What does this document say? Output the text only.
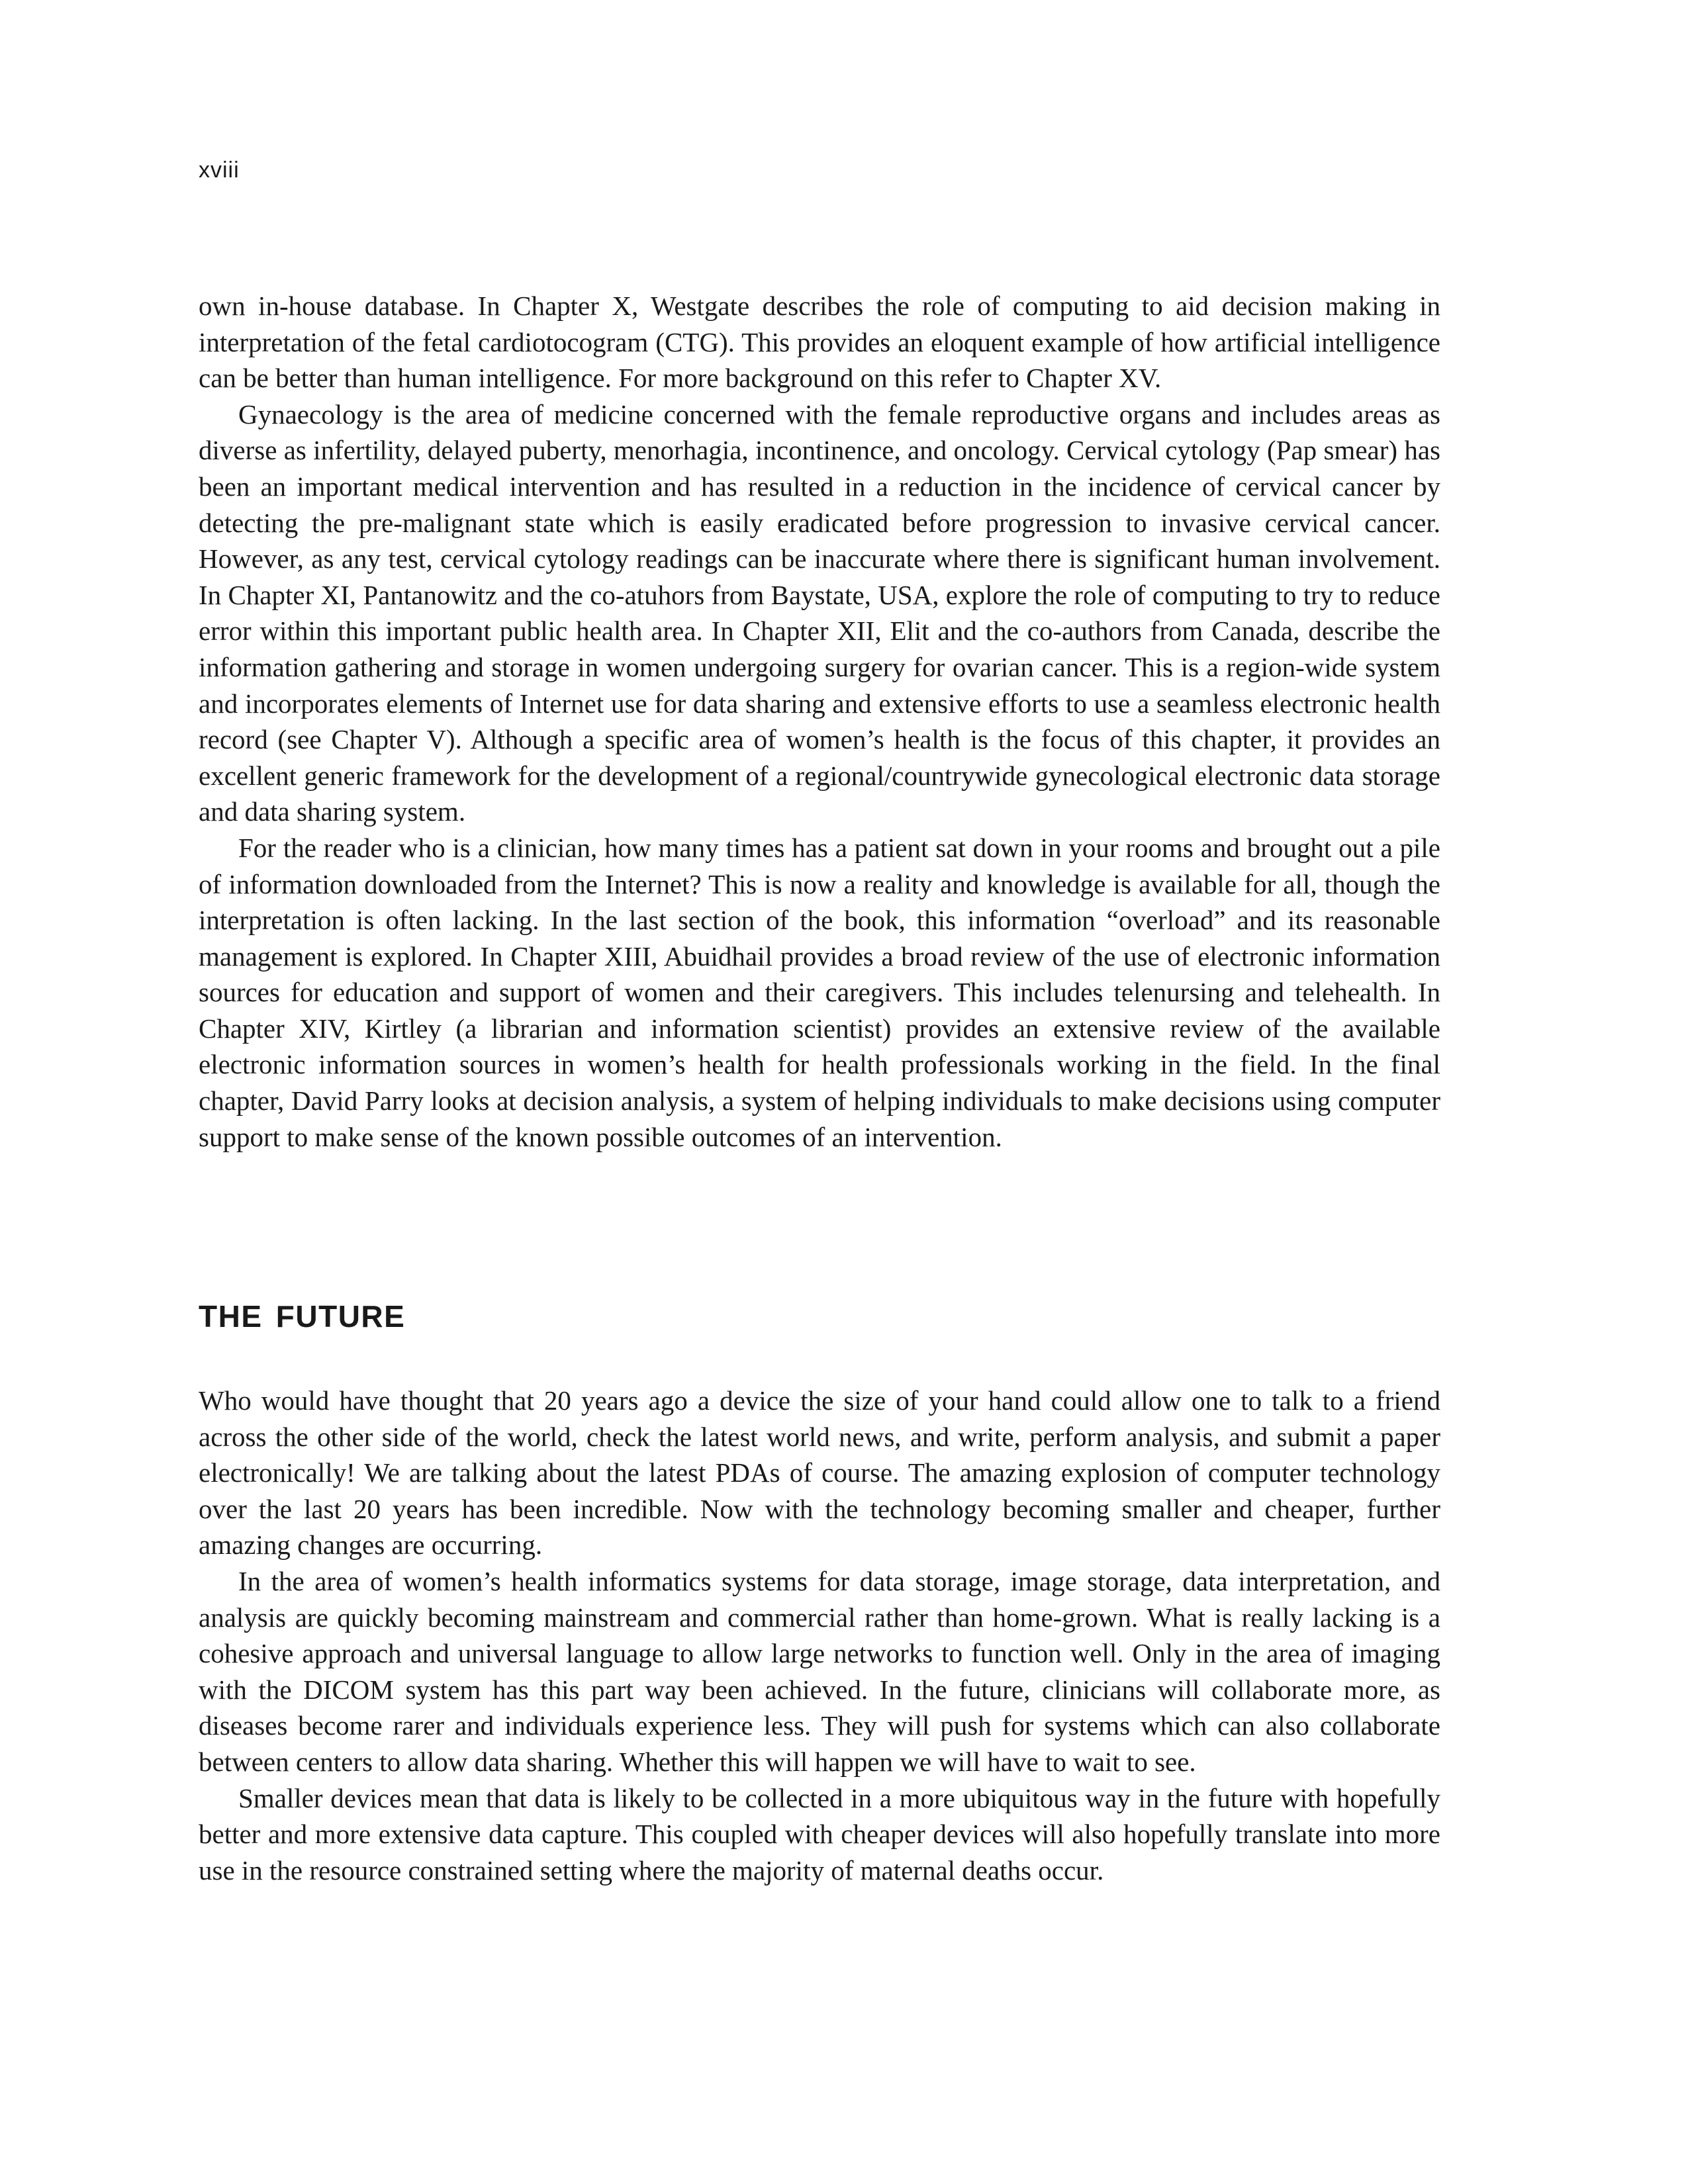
xviii

own in-house database. In Chapter X, Westgate describes the role of computing to aid decision making in interpretation of the fetal cardiotocogram (CTG). This provides an eloquent example of how artificial intelligence can be better than human intelligence. For more background on this refer to Chapter XV.

Gynaecology is the area of medicine concerned with the female reproductive organs and includes areas as diverse as infertility, delayed puberty, menorhagia, incontinence, and oncology. Cervical cytology (Pap smear) has been an important medical intervention and has resulted in a reduction in the incidence of cervical cancer by detecting the pre-malignant state which is easily eradicated before progression to invasive cervical cancer. However, as any test, cervical cytology readings can be inaccurate where there is significant human involvement. In Chapter XI, Pantanowitz and the co-atuhors from Baystate, USA, explore the role of computing to try to reduce error within this important public health area. In Chapter XII, Elit and the co-authors from Canada, describe the information gathering and storage in women undergoing surgery for ovarian cancer. This is a region-wide system and incorporates elements of Internet use for data sharing and extensive efforts to use a seamless electronic health record (see Chapter V). Although a specific area of women’s health is the focus of this chapter, it provides an excellent generic framework for the development of a regional/countrywide gynecological electronic data storage and data sharing system.

For the reader who is a clinician, how many times has a patient sat down in your rooms and brought out a pile of information downloaded from the Internet? This is now a reality and knowledge is available for all, though the interpretation is often lacking. In the last section of the book, this information “overload” and its reasonable management is explored. In Chapter XIII, Abuidhail provides a broad review of the use of electronic information sources for education and support of women and their caregivers. This includes telenursing and telehealth. In Chapter XIV, Kirtley (a librarian and information scientist) provides an extensive review of the available electronic information sources in women’s health for health professionals working in the field. In the final chapter, David Parry looks at decision analysis, a system of helping individuals to make decisions using computer support to make sense of the known possible outcomes of an intervention.

THE FUTURE

Who would have thought that 20 years ago a device the size of your hand could allow one to talk to a friend across the other side of the world, check the latest world news, and write, perform analysis, and submit a paper electronically! We are talking about the latest PDAs of course. The amazing explosion of computer technology over the last 20 years has been incredible. Now with the technology becoming smaller and cheaper, further amazing changes are occurring.

In the area of women’s health informatics systems for data storage, image storage, data interpretation, and analysis are quickly becoming mainstream and commercial rather than home-grown. What is really lacking is a cohesive approach and universal language to allow large networks to function well. Only in the area of imaging with the DICOM system has this part way been achieved. In the future, clinicians will collaborate more, as diseases become rarer and individuals experience less. They will push for systems which can also collaborate between centers to allow data sharing. Whether this will happen we will have to wait to see.

Smaller devices mean that data is likely to be collected in a more ubiquitous way in the future with hopefully better and more extensive data capture. This coupled with cheaper devices will also hopefully translate into more use in the resource constrained setting where the majority of maternal deaths occur.
